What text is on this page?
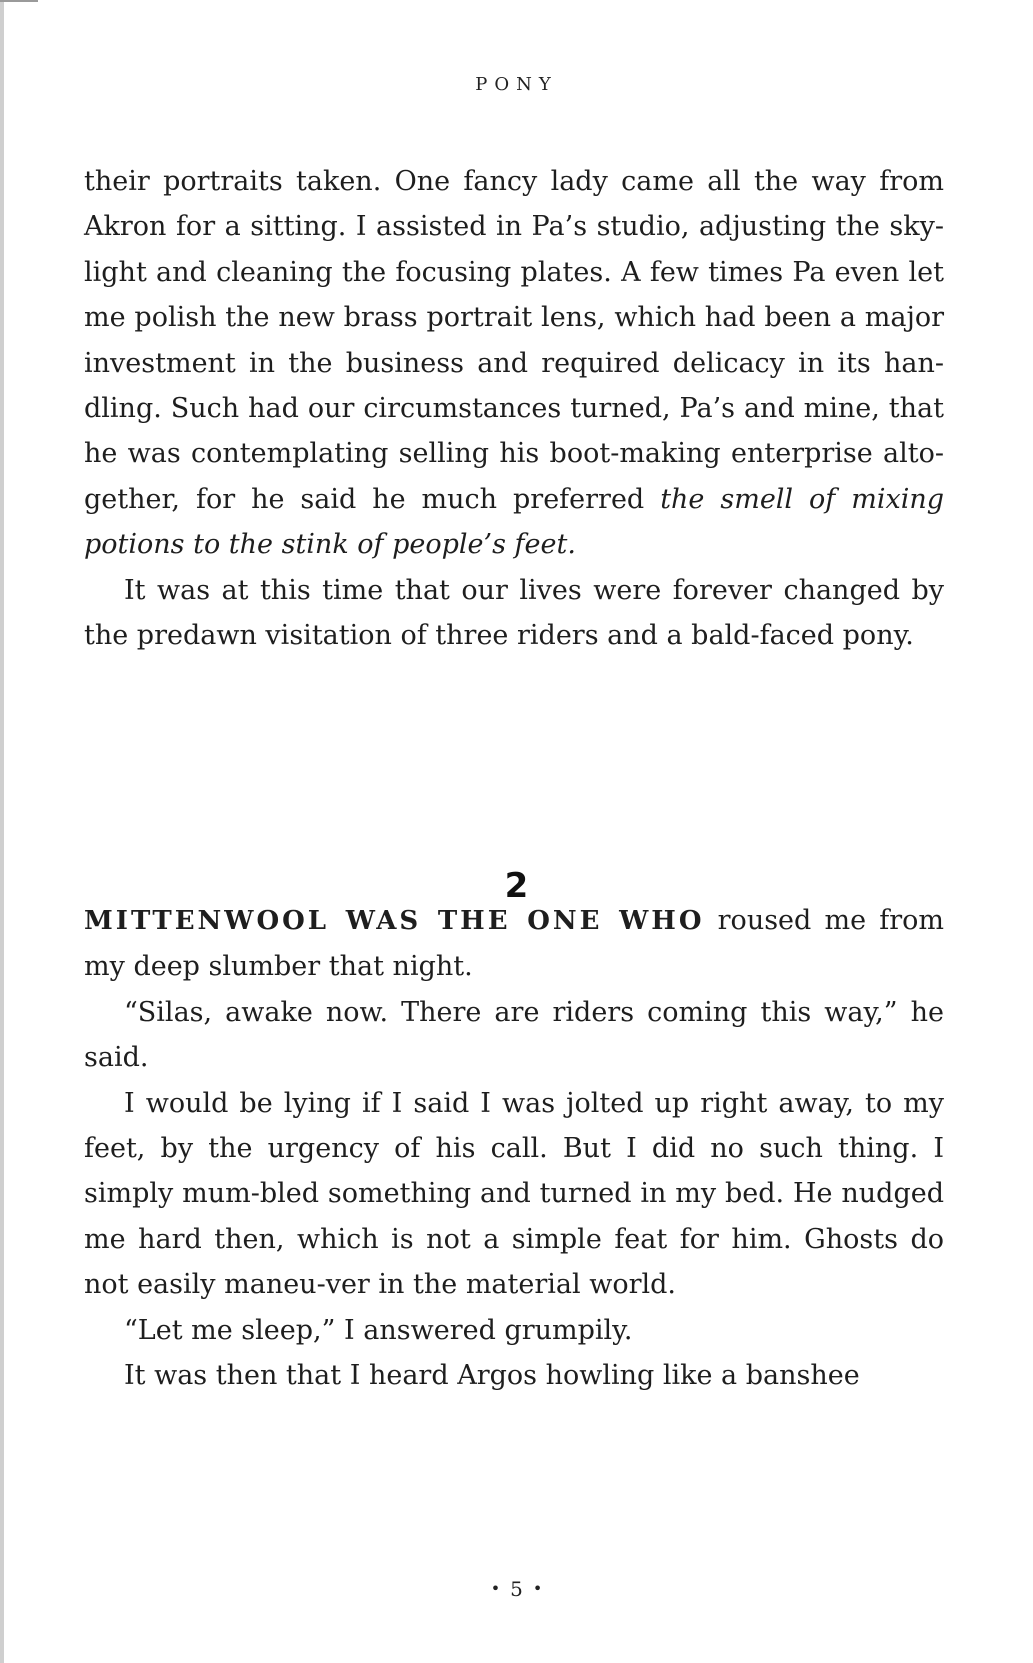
PONY

their portraits taken. One fancy lady came all the way from Akron for a sitting. I assisted in Pa’s studio, adjusting the sky-light and cleaning the focusing plates. A few times Pa even let me polish the new brass portrait lens, which had been a major investment in the business and required delicacy in its han-dling. Such had our circumstances turned, Pa’s and mine, that he was contemplating selling his boot-making enterprise alto-gether, for he said he much preferred the smell of mixing potions to the stink of people’s feet.

It was at this time that our lives were forever changed by the predawn visitation of three riders and a bald-faced pony.

2

MITTENWOOL WAS THE ONE WHO roused me from my deep slumber that night.

“Silas, awake now. There are riders coming this way,” he said.

I would be lying if I said I was jolted up right away, to my feet, by the urgency of his call. But I did no such thing. I simply mum-bled something and turned in my bed. He nudged me hard then, which is not a simple feat for him. Ghosts do not easily maneu-ver in the material world.

“Let me sleep,” I answered grumpily.

It was then that I heard Argos howling like a banshee

• 5 •
